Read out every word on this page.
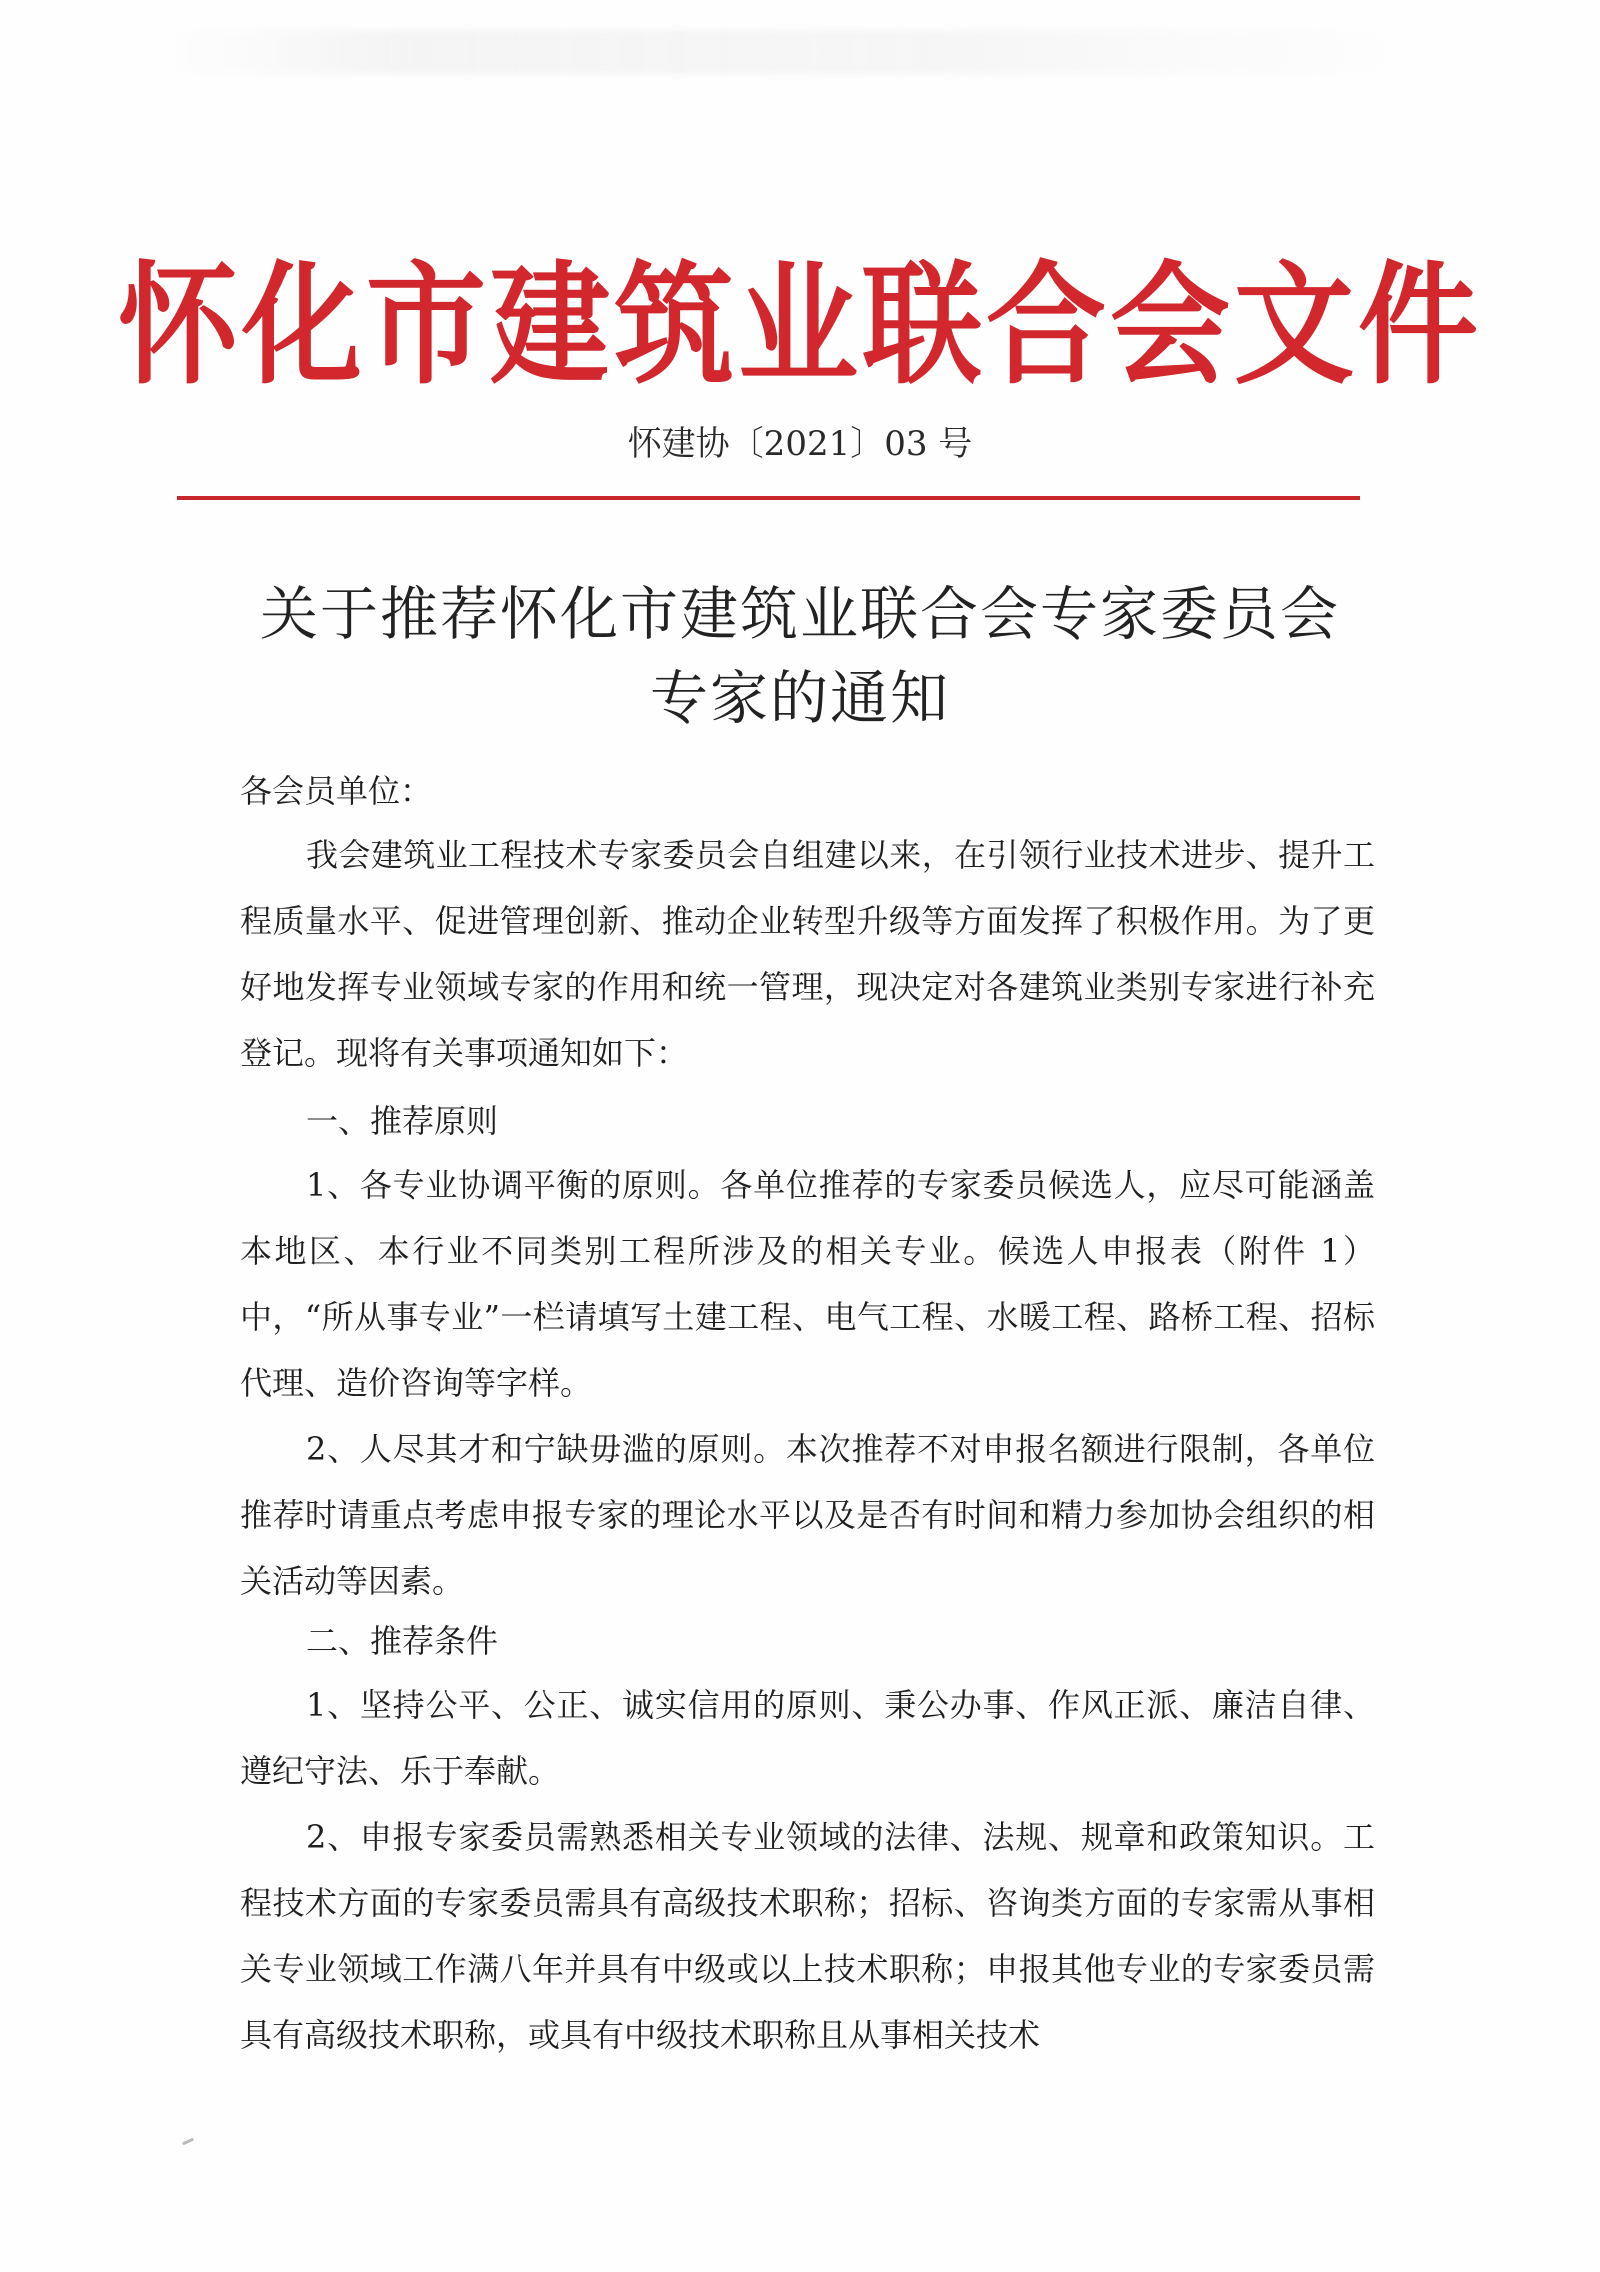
怀化市建筑业联合会文件
怀建协〔2021〕03 号
关于推荐怀化市建筑业联合会专家委员会
专家的通知
各会员单位：

我会建筑业工程技术专家委员会自组建以来，在引领行业技术进步、提升工程质量水平、促进管理创新、推动企业转型升级等方面发挥了积极作用。为了更好地发挥专业领域专家的作用和统一管理，现决定对各建筑业类别专家进行补充登记。现将有关事项通知如下：

一、推荐原则

1、各专业协调平衡的原则。各单位推荐的专家委员候选人，应尽可能涵盖本地区、本行业不同类别工程所涉及的相关专业。候选人申报表（附件 1）中，“所从事专业”一栏请填写土建工程、电气工程、水暖工程、路桥工程、招标代理、造价咨询等字样。

2、人尽其才和宁缺毋滥的原则。本次推荐不对申报名额进行限制，各单位推荐时请重点考虑申报专家的理论水平以及是否有时间和精力参加协会组织的相关活动等因素。

二、推荐条件

1、坚持公平、公正、诚实信用的原则、秉公办事、作风正派、廉洁自律、遵纪守法、乐于奉献。

2、申报专家委员需熟悉相关专业领域的法律、法规、规章和政策知识。工程技术方面的专家委员需具有高级技术职称；招标、咨询类方面的专家需从事相关专业领域工作满八年并具有中级或以上技术职称；申报其他专业的专家委员需具有高级技术职称，或具有中级技术职称且从事相关技术
